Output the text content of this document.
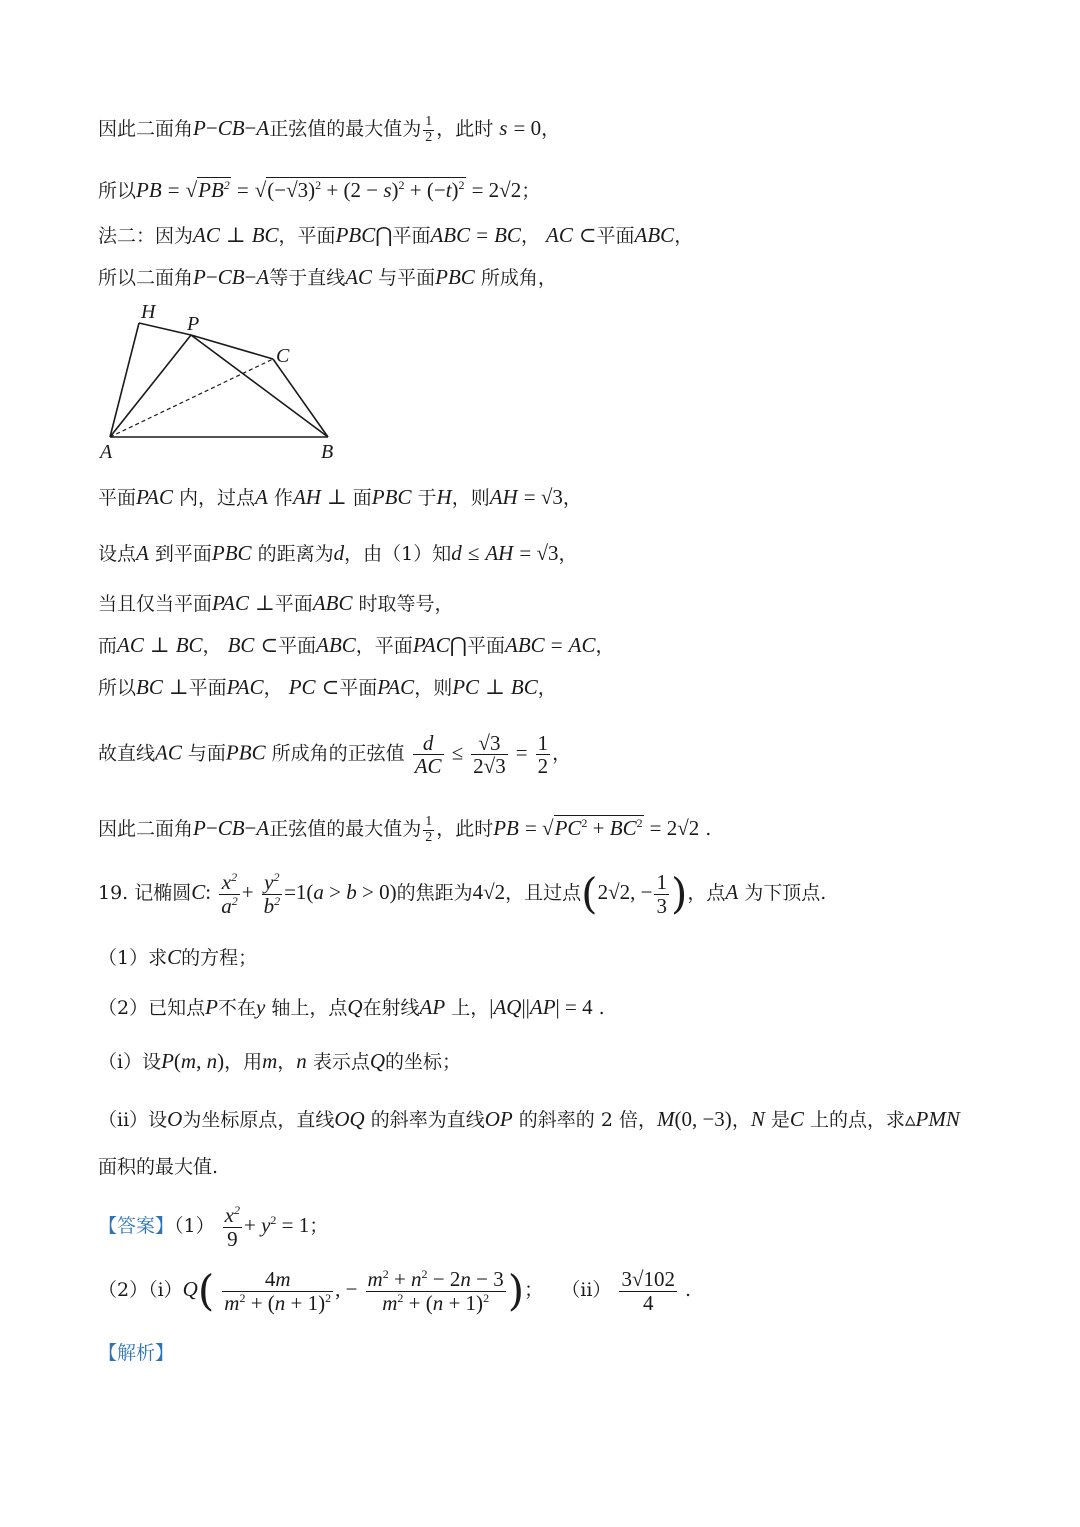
因此二面角P−CB−A正弦值的最大值为 $\frac{1}{2}$ ，此时 s = 0，
所以PB = $√PB^2 = √(-√3)^2 + (2 - s)^2 + (-t)^2 = 2√2$；
法二：因为AC ⊥ BC，平面PBC⋂平面ABC = BC， AC ⊂平面ABC，
所以二面角P−CB−A等于直线AC 与平面PBC 所成角，
H
P
C
A	B
平面PAC 内，过点A 作AH ⊥ 面PBC 于H，则AH = √3，
设点A 到平面PBC 的距离为d，由（1）知d ≤ AH = √3，
当且仅当平面PAC ⊥平面ABC 时取等号，
而AC ⊥ BC， BC ⊂平面ABC，平面PAC⋂平面ABC = AC，
所以BC ⊥平面PAC， PC ⊂平面PAC，则PC ⊥ BC，
故直线AC 与面PBC 所成角的正弦值 $\frac{d}{AC} \le \frac{√3}{2√3} = \frac{1}{2}$ ，
因此二面角P−CB−A正弦值的最大值为 $\frac{1}{2}$ ，此时PB = $√PC^2 + BC^2 = 2√2$ .
19. 记椭圆C: $\frac{x^2}{a^2} + \frac{y^2}{b^2} =1(a > b > 0)$的焦距为4√2，且过点(2√2, − $\frac{1}{3}$ )，点A 为下顶点.
（1）求C的方程；
（2）已知点P不在y 轴上，点Q在射线AP 上，|AQ||AP| = 4 .
（i）设P(m, n)，用m，n 表示点Q的坐标；
（ii）设O为坐标原点，直线OQ 的斜率为直线OP 的斜率的 2 倍，M(0, −3)，N 是C 上的点，求▵PMN
面积的最大值.
【答案】$(1) \frac{x^2}{9} + y^2 = 1$；
$(2)(i)Q( \frac{4m}{m^2 + (n + 1)^2}$ , − $\frac{m^2 + n^2 - 2n - 3}{m^2 + (n + 1)^2}$ )；   $(ii) \frac{3√102}{4}$ .
【解析】
